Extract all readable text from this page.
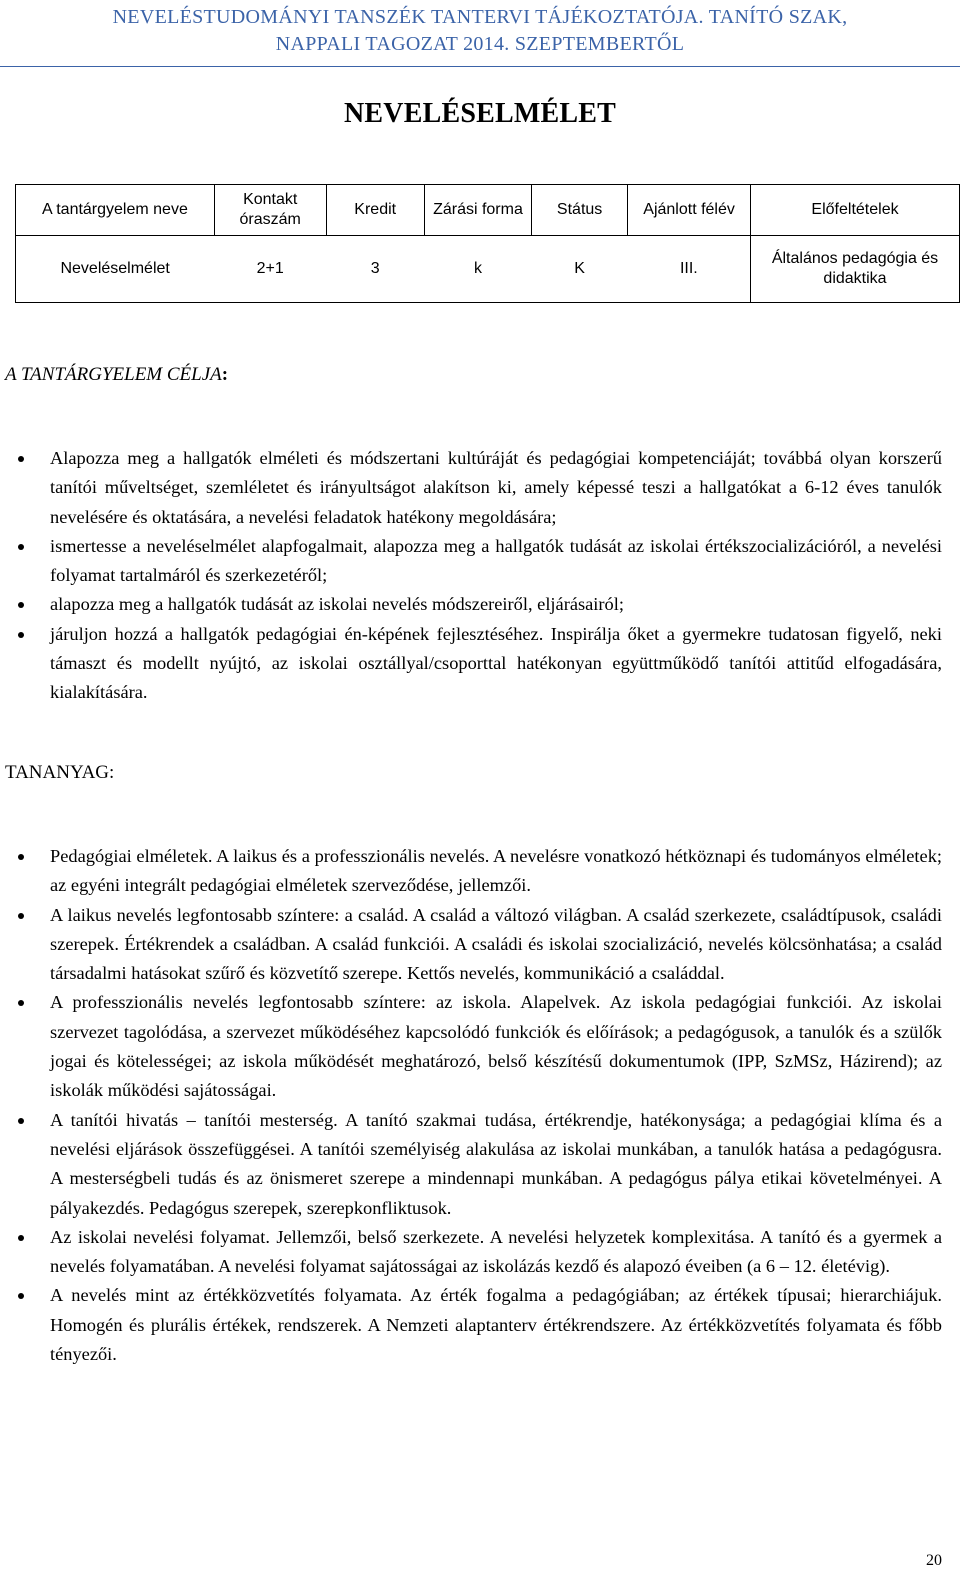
NEVELÉSTUDOMÁNYI TANSZÉK TANTERVI TÁJÉKOZTATÓJA. TANÍTÓ SZAK,
NAPPALI TAGOZAT 2014. SZEPTEMBERTŐL
NEVELÉSELMÉLET
A tantárgyelem neve	Kontakt óraszám	Kredit	Zárási forma	Státus	Ajánlott félév	Előfeltételek
Neveléselmélet	2+1	3	k	K	III.	Általános pedagógia és didaktika
A TANTÁRGYELEM CÉLJA:
Alapozza meg a hallgatók elméleti és módszertani kultúráját és pedagógiai kompetenciáját; továbbá olyan korszerű tanítói műveltséget, szemléletet és irányultságot alakítson ki, amely képessé teszi a hallgatókat a 6-12 éves tanulók nevelésére és oktatására, a nevelési feladatok hatékony megoldására;
ismertesse a neveléselmélet alapfogalmait, alapozza meg a hallgatók tudását az iskolai értékszocializációról, a nevelési folyamat tartalmáról és szerkezetéről;
alapozza meg a hallgatók tudását az iskolai nevelés módszereiről, eljárásairól;
járuljon hozzá a hallgatók pedagógiai én-képének fejlesztéséhez. Inspirálja őket a gyermekre tudatosan figyelő, neki támaszt és modellt nyújtó, az iskolai osztállyal/csoporttal hatékonyan együttműködő tanítói attitűd elfogadására, kialakítására.
TANANYAG:
Pedagógiai elméletek. A laikus és a professzionális nevelés. A nevelésre vonatkozó hétköznapi és tudományos elméletek; az egyéni integrált pedagógiai elméletek szerveződése, jellemzői.
A laikus nevelés legfontosabb színtere: a család. A család a változó világban. A család szerkezete, családtípusok, családi szerepek. Értékrendek a családban. A család funkciói. A családi és iskolai szocializáció, nevelés kölcsönhatása; a család társadalmi hatásokat szűrő és közvetítő szerepe. Kettős nevelés, kommunikáció a családdal.
A professzionális nevelés legfontosabb színtere: az iskola. Alapelvek. Az iskola pedagógiai funkciói. Az iskolai szervezet tagolódása, a szervezet működéséhez kapcsolódó funkciók és előírások; a pedagógusok, a tanulók és a szülők jogai és kötelességei; az iskola működését meghatározó, belső készítésű dokumentumok (IPP, SzMSz, Házirend); az iskolák működési sajátosságai.
A tanítói hivatás – tanítói mesterség. A tanító szakmai tudása, értékrendje, hatékonysága; a pedagógiai klíma és a nevelési eljárások összefüggései. A tanítói személyiség alakulása az iskolai munkában, a tanulók hatása a pedagógusra. A mesterségbeli tudás és az önismeret szerepe a mindennapi munkában. A pedagógus pálya etikai követelményei. A pályakezdés. Pedagógus szerepek, szerepkonfliktusok.
Az iskolai nevelési folyamat. Jellemzői, belső szerkezete. A nevelési helyzetek komplexitása. A tanító és a gyermek a nevelés folyamatában. A nevelési folyamat sajátosságai az iskolázás kezdő és alapozó éveiben (a 6 – 12. életévig).
A nevelés mint az értékközvetítés folyamata. Az érték fogalma a pedagógiában; az értékek típusai; hierarchiájuk. Homogén és plurális értékek, rendszerek. A Nemzeti alaptanterv értékrendszere. Az értékközvetítés folyamata és főbb tényezői.
20
